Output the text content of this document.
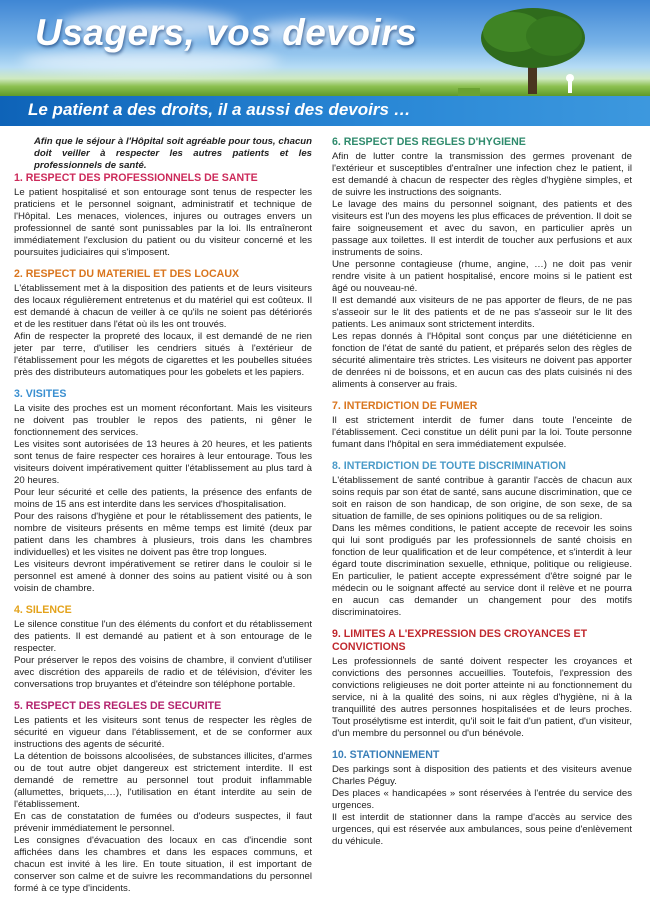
Usagers, vos devoirs
Le patient a des droits, il a aussi des devoirs …

Afin que le séjour à l'Hôpital soit agréable pour tous, chacun doit veiller à respecter les autres patients et les professionnels de santé.

1. RESPECT DES PROFESSIONNELS DE SANTE

Le patient hospitalisé et son entourage sont tenus de respecter les praticiens et le personnel soignant, administratif et technique de l'Hôpital. Les menaces, violences, injures ou outrages envers un professionnel de santé sont punissables par la loi. Ils entraîneront immédiatement l'exclusion du patient ou du visiteur concerné et les poursuites judiciaires qui s'imposent.

2. RESPECT DU MATERIEL ET DES LOCAUX

L'établissement met à la disposition des patients et de leurs visiteurs des locaux régulièrement entretenus et du matériel qui est coûteux. Il est demandé à chacun de veiller à ce qu'ils ne soient pas détériorés et de les restituer dans l'état où ils les ont trouvés.

Afin de respecter la propreté des locaux, il est demandé de ne rien jeter par terre, d'utiliser les cendriers situés à l'extérieur de l'établissement pour les mégots de cigarettes et les poubelles situées près des distributeurs automatiques pour les gobelets et les papiers.

3. VISITES

La visite des proches est un moment réconfortant. Mais les visiteurs ne doivent pas troubler le repos des patients, ni gêner le fonctionnement des services.

Les visites sont autorisées de 13 heures à 20 heures, et les patients sont tenus de faire respecter ces horaires à leur entourage. Tous les visiteurs doivent impérativement quitter l'établissement au plus tard à 20 heures.

Pour leur sécurité et celle des patients, la présence des enfants de moins de 15 ans est interdite dans les services d'hospitalisation.

Pour des raisons d'hygiène et pour le rétablissement des patients, le nombre de visiteurs présents en même temps est limité (deux par patient dans les chambres à plusieurs, trois dans les chambres individuelles) et les visites ne doivent pas être trop longues.

Les visiteurs devront impérativement se retirer dans le couloir si le personnel est amené à donner des soins au patient visité ou à son voisin de chambre.

4. SILENCE

Le silence constitue l'un des éléments du confort et du rétablissement des patients. Il est demandé au patient et à son entourage de le respecter.

Pour préserver le repos des voisins de chambre, il convient d'utiliser avec discrétion des appareils de radio et de télévision, d'éviter les conversations trop bruyantes et d'éteindre son téléphone portable.

5. RESPECT DES REGLES DE SECURITE

Les patients et les visiteurs sont tenus de respecter les règles de sécurité en vigueur dans l'établissement, et de se conformer aux instructions des agents de sécurité.

La détention de boissons alcoolisées, de substances illicites, d'armes ou de tout autre objet dangereux est strictement interdite. Il est demandé de remettre au personnel tout produit inflammable (allumettes, briquets,…), l'utilisation en étant interdite au sein de l'établissement.

En cas de constatation de fumées ou d'odeurs suspectes, il faut prévenir immédiatement le personnel.

Les consignes d'évacuation des locaux en cas d'incendie sont affichées dans les chambres et dans les espaces communs, et chacun est invité à les lire. En toute situation, il est important de conserver son calme et de suivre les recommandations du personnel formé à ce type d'incidents.

6. RESPECT DES REGLES D'HYGIENE

Afin de lutter contre la transmission des germes provenant de l'extérieur et susceptibles d'entraîner une infection chez le patient, il est demandé à chacun de respecter des règles d'hygiène simples, et de suivre les instructions des soignants.

Le lavage des mains du personnel soignant, des patients et des visiteurs est l'un des moyens les plus efficaces de prévention. Il doit se faire soigneusement et avec du savon, en particulier après un passage aux toilettes. Il est interdit de toucher aux perfusions et aux instruments de soins.

Une personne contagieuse (rhume, angine, …) ne doit pas venir rendre visite à un patient hospitalisé, encore moins si le patient est âgé ou nouveau-né.

Il est demandé aux visiteurs de ne pas apporter de fleurs, de ne pas s'asseoir sur le lit des patients et de ne pas s'asseoir sur le lit des patients. Les animaux sont strictement interdits.

Les repas donnés à l'Hôpital sont conçus par une diététicienne en fonction de l'état de santé du patient, et préparés selon des règles de sécurité alimentaire très strictes. Les visiteurs ne doivent pas apporter de denrées ni de boissons, et en aucun cas des plats cuisinés ni des aliments à conserver au frais.

7. INTERDICTION DE FUMER

Il est strictement interdit de fumer dans toute l'enceinte de l'établissement. Ceci constitue un délit puni par la loi. Toute personne fumant dans l'hôpital en sera immédiatement expulsée.

8. INTERDICTION DE TOUTE DISCRIMINATION

L'établissement de santé contribue à garantir l'accès de chacun aux soins requis par son état de santé, sans aucune discrimination, que ce soit en raison de son handicap, de son origine, de son sexe, de sa situation de famille, de ses opinions politiques ou de sa religion.

Dans les mêmes conditions, le patient accepte de recevoir les soins qui lui sont prodigués par les professionnels de santé choisis en fonction de leur qualification et de leur compétence, et s'interdit à leur égard toute discrimination sexuelle, ethnique, politique ou religieuse. En particulier, le patient accepte expressément d'être soigné par le médecin ou le soignant affecté au service dont il relève et ne pourra en aucun cas demander un changement pour des motifs discriminatoires.

9. LIMITES A L'EXPRESSION DES CROYANCES ET CONVICTIONS

Les professionnels de santé doivent respecter les croyances et convictions des personnes accueillies. Toutefois, l'expression des convictions religieuses ne doit porter atteinte ni au fonctionnement du service, ni à la qualité des soins, ni aux règles d'hygiène, ni à la tranquillité des autres personnes hospitalisées et de leurs proches. Tout prosélytisme est interdit, qu'il soit le fait d'un patient, d'un visiteur, d'un membre du personnel ou d'un bénévole.

10. STATIONNEMENT

Des parkings sont à disposition des patients et des visiteurs avenue Charles Péguy.

Des places « handicapées » sont réservées à l'entrée du service des urgences.

Il est interdit de stationner dans la rampe d'accès au service des urgences, qui est réservée aux ambulances, sous peine d'enlèvement du véhicule.
